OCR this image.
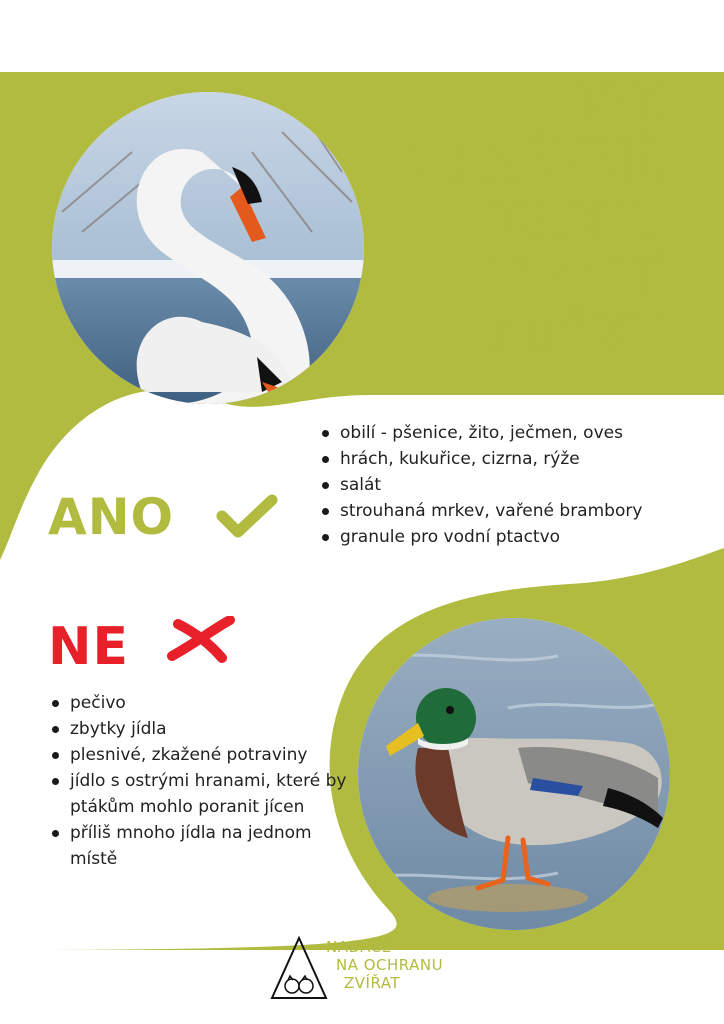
JAK
SPRÁVNĚ
KRMIT
VODNÍ
PTÁKY
obilí - pšenice, žito, ječmen, oves
hrách, kukuřice, cizrna, rýže
salát
strouhaná mrkev, vařené brambory
granule pro vodní ptactvo
ANO
NE
pečivo
zbytky jídla
plesnivé, zkažené potraviny
jídlo s ostrými hranami, které by ptákům mohlo poranit jícen
příliš mnoho jídla na jednom místě
NADACE
NA OCHRANU
ZVÍŘAT
